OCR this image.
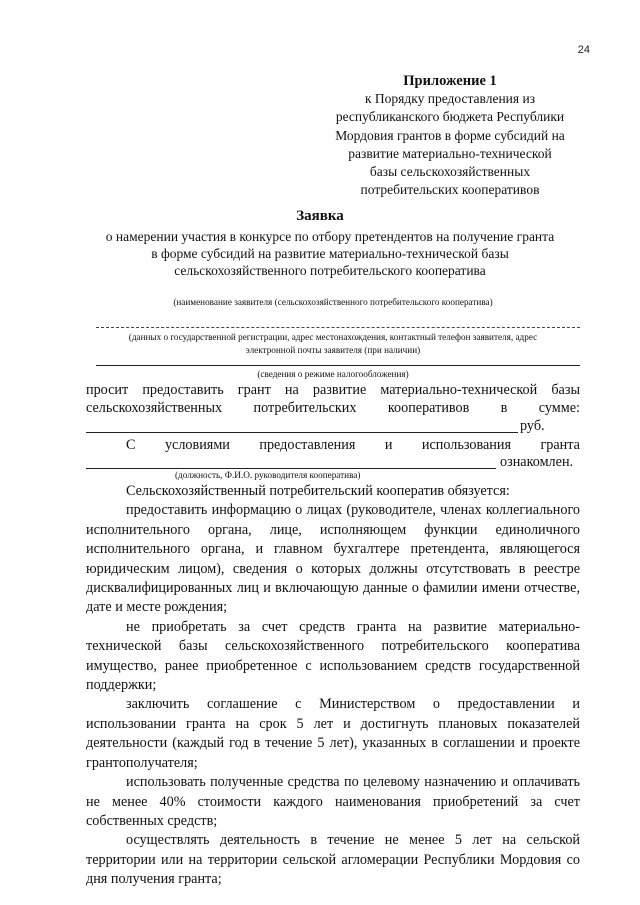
24
Приложение 1
к Порядку предоставления из
республиканского бюджета Республики
Мордовия грантов в форме субсидий на
развитие материально-технической
базы сельскохозяйственных
потребительских кооперативов
Заявка
о намерении участия в конкурсе по отбору претендентов на получение гранта
в форме субсидий на развитие материально-технической базы
сельскохозяйственного потребительского кооператива
(наименование заявителя (сельскохозяйственного потребительского кооператива)
(данных о государственной регистрации, адрес местонахождения, контактный телефон заявителя, адрес
электронной почты заявителя (при наличии)
(сведения о режиме налогообложения)
просит предоставить грант на развитие материально-технической базы
сельскохозяйственных потребительских кооперативов в сумме:
руб.
С условиями предоставления и использования гранта
ознакомлен.
(должность, Ф.И.О. руководителя кооператива)

Сельскохозяйственный потребительский кооператив обязуется:

предоставить информацию о лицах (руководителе, членах коллегиального исполнительного органа, лице, исполняющем функции единоличного исполнительного органа, и главном бухгалтере претендента, являющегося юридическим лицом), сведения о которых должны отсутствовать в реестре дисквалифицированных лиц и включающую данные о фамилии имени отчестве, дате и месте рождения;

не приобретать за счет средств гранта на развитие материально-технической базы сельскохозяйственного потребительского кооператива имущество, ранее приобретенное с использованием средств государственной поддержки;

заключить соглашение с Министерством о предоставлении и использовании гранта на срок 5 лет и достигнуть плановых показателей деятельности (каждый год в течение 5 лет), указанных в соглашении и проекте грантополучателя;

использовать полученные средства по целевому назначению и оплачивать не менее 40% стоимости каждого наименования приобретений за счет собственных средств;

осуществлять деятельность в течение не менее 5 лет на сельской территории или на территории сельской агломерации Республики Мордовия со дня получения гранта;
